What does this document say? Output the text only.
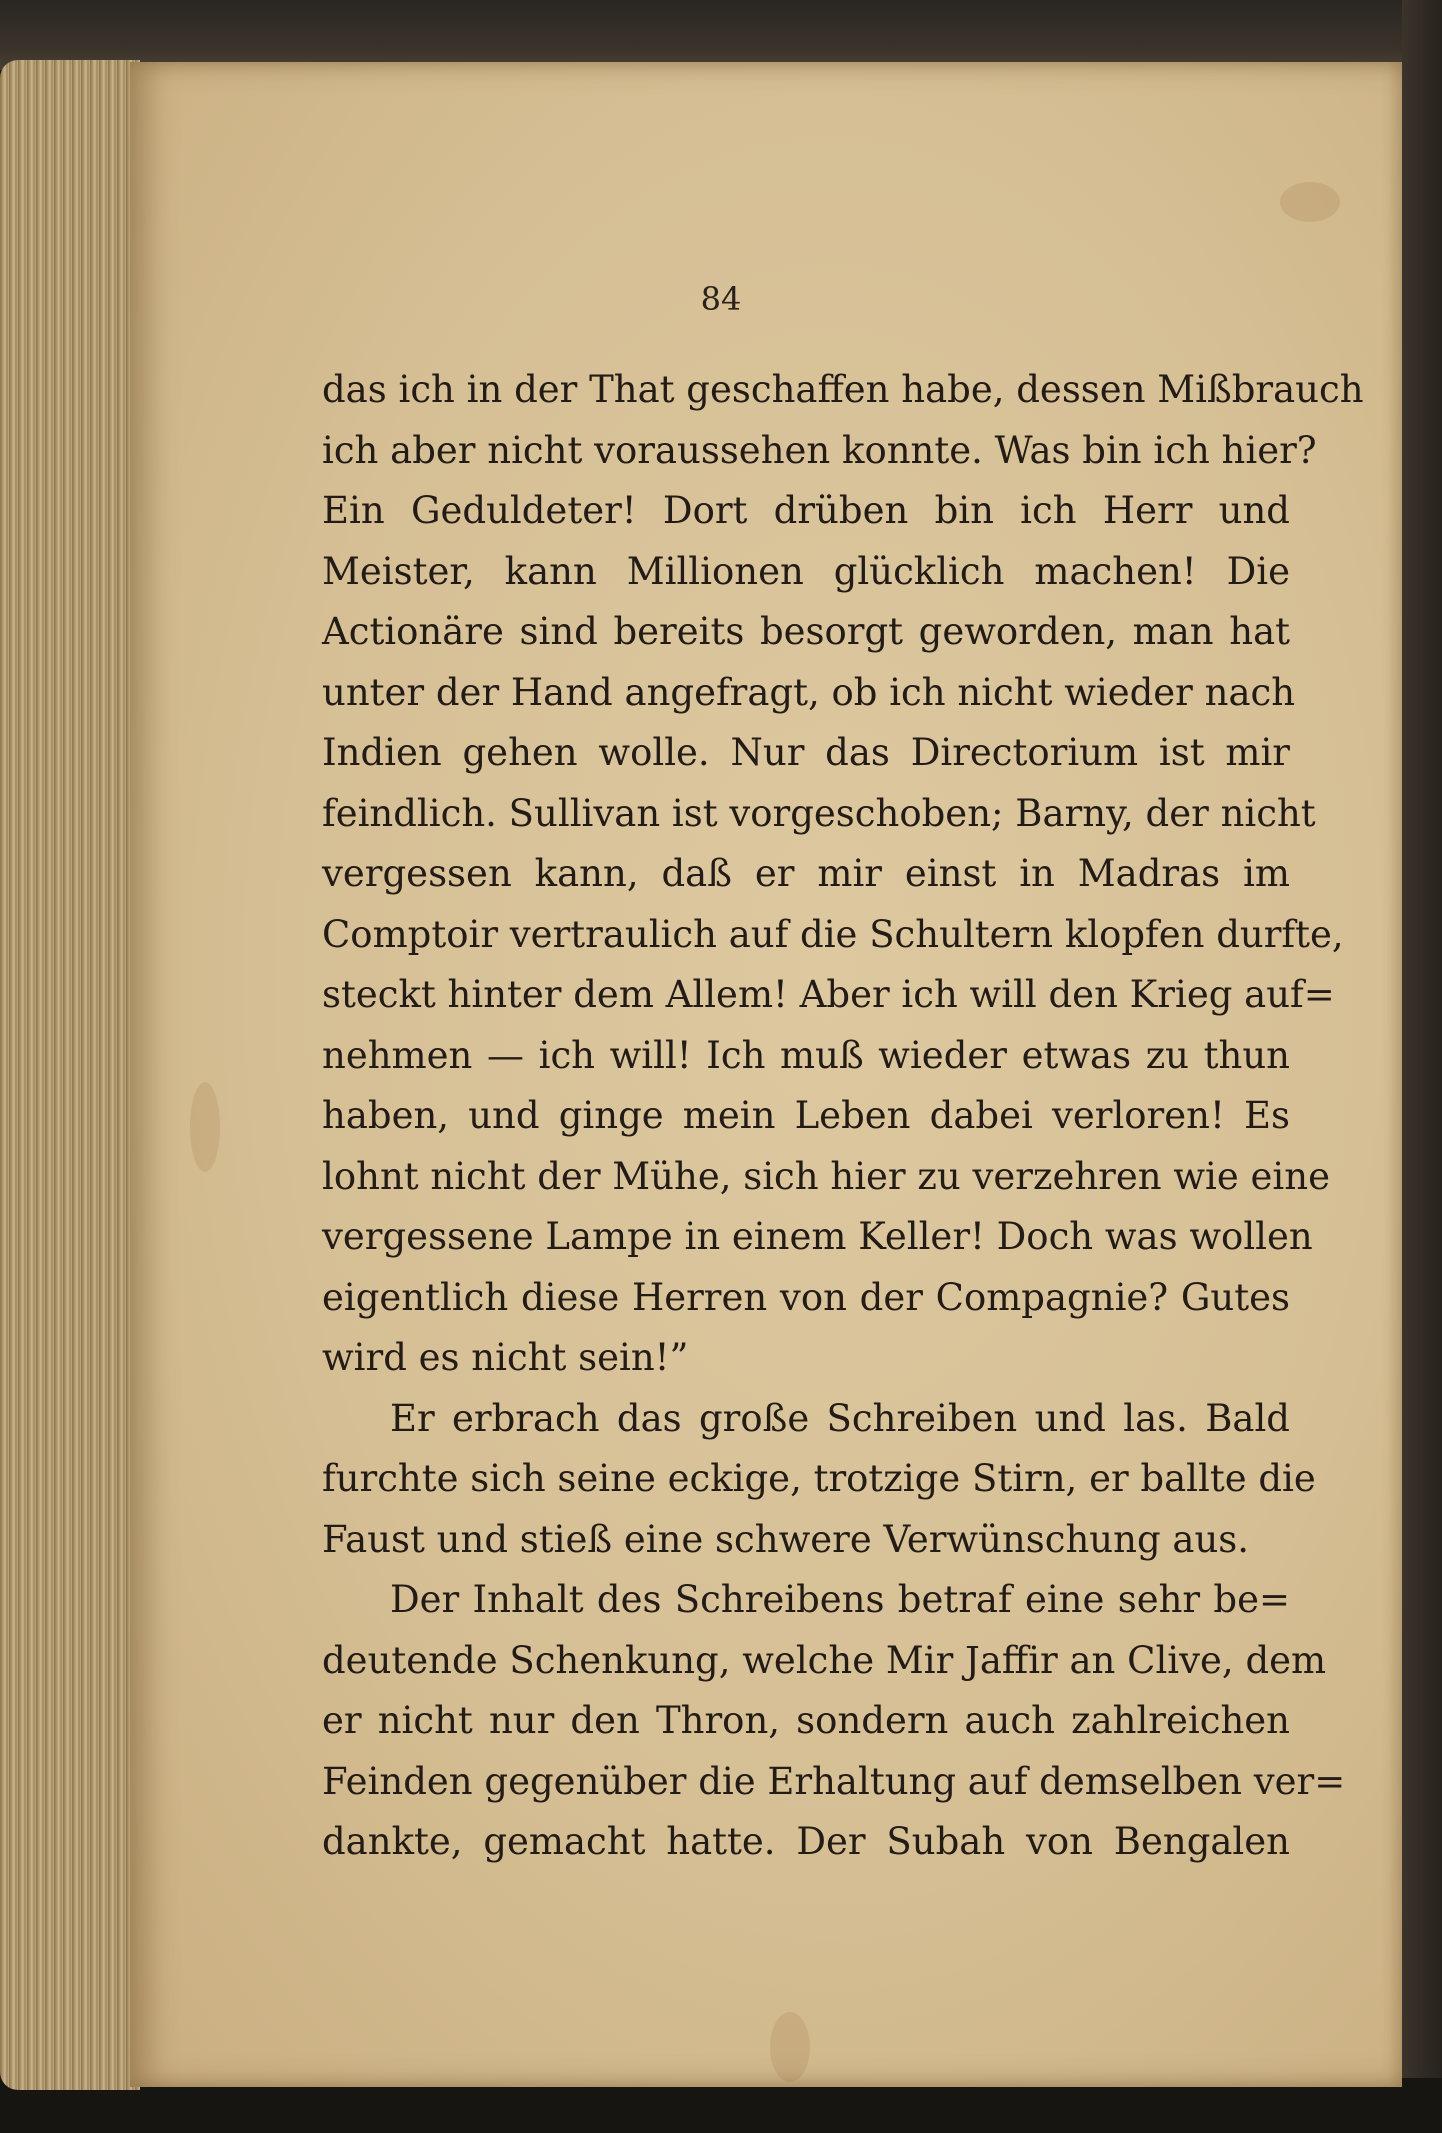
84
das ich in der That geschaffen habe, dessen Mißbrauch
ich aber nicht voraussehen konnte. Was bin ich hier?
Ein Geduldeter! Dort drüben bin ich Herr und
Meister, kann Millionen glücklich machen! Die
Actionäre sind bereits besorgt geworden, man hat
unter der Hand angefragt, ob ich nicht wieder nach
Indien gehen wolle. Nur das Directorium ist mir
feindlich. Sullivan ist vorgeschoben; Barny, der nicht
vergessen kann, daß er mir einst in Madras im
Comptoir vertraulich auf die Schultern klopfen durfte,
steckt hinter dem Allem! Aber ich will den Krieg auf=
nehmen — ich will! Ich muß wieder etwas zu thun
haben, und ginge mein Leben dabei verloren! Es
lohnt nicht der Mühe, sich hier zu verzehren wie eine
vergessene Lampe in einem Keller! Doch was wollen
eigentlich diese Herren von der Compagnie? Gutes
wird es nicht sein!”
Er erbrach das große Schreiben und las. Bald
furchte sich seine eckige, trotzige Stirn, er ballte die
Faust und stieß eine schwere Verwünschung aus.
Der Inhalt des Schreibens betraf eine sehr be=
deutende Schenkung, welche Mir Jaffir an Clive, dem
er nicht nur den Thron, sondern auch zahlreichen
Feinden gegenüber die Erhaltung auf demselben ver=
dankte, gemacht hatte. Der Subah von Bengalen
